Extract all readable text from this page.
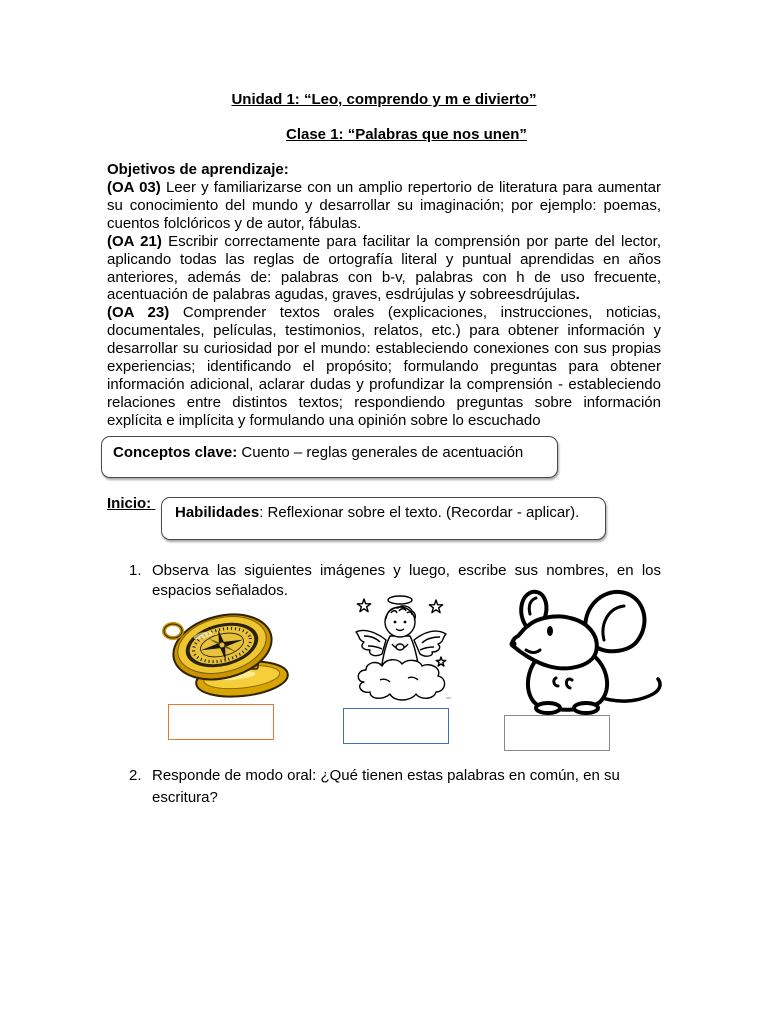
Unidad 1: “Leo, comprendo y m e divierto”
Clase 1: “Palabras que nos unen”
Objetivos de aprendizaje:
(OA 03) Leer y familiarizarse con un amplio repertorio de literatura para aumentar
su conocimiento del mundo y desarrollar su imaginación; por ejemplo: poemas,
cuentos folclóricos y de autor, fábulas.
(OA 21) Escribir correctamente para facilitar la comprensión por parte del lector,
aplicando todas las reglas de ortografía literal y puntual aprendidas en años
anteriores, además de: palabras con b-v, palabras con h de uso frecuente,
acentuación de palabras agudas, graves, esdrújulas y sobreesdrújulas.
(OA 23) Comprender textos orales (explicaciones, instrucciones, noticias,
documentales, películas, testimonios, relatos, etc.) para obtener información y
desarrollar su curiosidad por el mundo: estableciendo conexiones con sus propias
experiencias; identificando el propósito; formulando preguntas para obtener
información adicional, aclarar dudas y profundizar la comprensión - estableciendo
relaciones entre distintos textos; respondiendo preguntas sobre información
explícita e implícita y formulando una opinión sobre lo escuchado
Conceptos clave: Cuento – reglas generales de acentuación
Inicio:
Habilidades: Reflexionar sobre el texto. (Recordar - aplicar).
1. Observa las siguientes imágenes y luego, escribe sus nombres, en los
espacios señalados.
2. Responde de modo oral: ¿Qué tienen estas palabras en común, en su
escritura?
